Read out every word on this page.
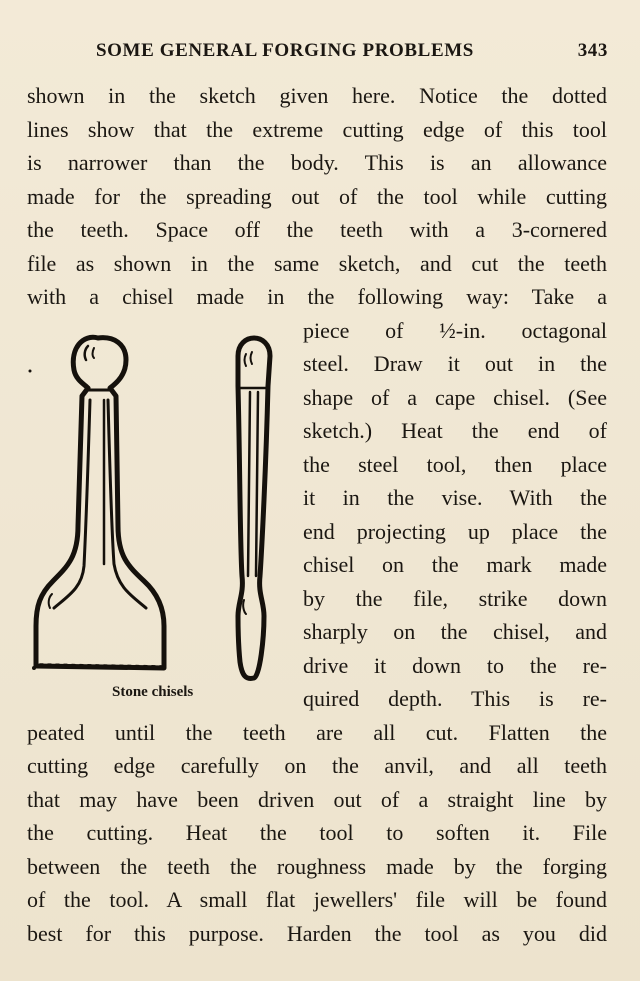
SOME GENERAL FORGING PROBLEMS	343
shown in the sketch given here. Notice the dotted
lines show that the extreme cutting edge of this tool
is narrower than the body. This is an allowance
made for the spreading out of the tool while cutting
the teeth. Space off the teeth with a 3-cornered
file as shown in the same sketch, and cut the teeth
with a chisel made in the following way: Take a
piece of ½-in. octagonal
steel. Draw it out in the
shape of a cape chisel. (See
sketch.) Heat the end of
the steel tool, then place
it in the vise. With the
end projecting up place the
chisel on the mark made
by the file, strike down
sharply on the chisel, and
drive it down to the re-
quired depth. This is re-
peated until the teeth are all cut. Flatten the
cutting edge carefully on the anvil, and all teeth
that may have been driven out of a straight line by
the cutting. Heat the tool to soften it. File
between the teeth the roughness made by the forging
of the tool. A small flat jewellers' file will be found
best for this purpose. Harden the tool as you did
Stone chisels
